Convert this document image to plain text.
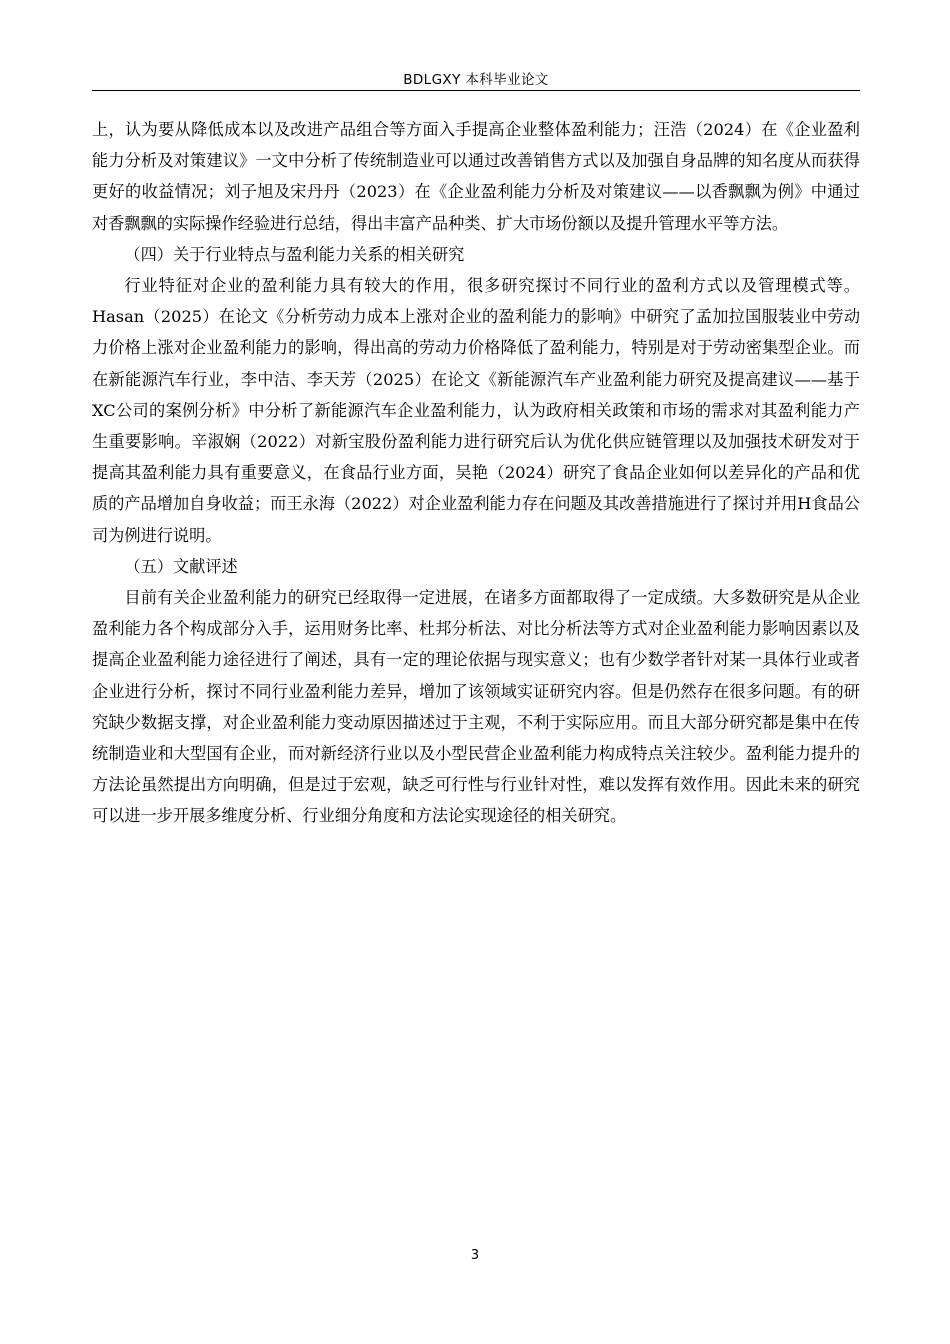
BDLGXY 本科毕业论文

上，认为要从降低成本以及改进产品组合等方面入手提高企业整体盈利能力；汪浩（2024）在《企业盈利能力分析及对策建议》一文中分析了传统制造业可以通过改善销售方式以及加强自身品牌的知名度从而获得更好的收益情况；刘子旭及宋丹丹（2023）在《企业盈利能力分析及对策建议——以香飘飘为例》中通过对香飘飘的实际操作经验进行总结，得出丰富产品种类、扩大市场份额以及提升管理水平等方法。

（四）关于行业特点与盈利能力关系的相关研究

行业特征对企业的盈利能力具有较大的作用，很多研究探讨不同行业的盈利方式以及管理模式等。Hasan（2025）在论文《分析劳动力成本上涨对企业的盈利能力的影响》中研究了孟加拉国服装业中劳动力价格上涨对企业盈利能力的影响，得出高的劳动力价格降低了盈利能力，特别是对于劳动密集型企业。而在新能源汽车行业，李中洁、李天芳（2025）在论文《新能源汽车产业盈利能力研究及提高建议——基于XC公司的案例分析》中分析了新能源汽车企业盈利能力，认为政府相关政策和市场的需求对其盈利能力产生重要影响。辛淑娴（2022）对新宝股份盈利能力进行研究后认为优化供应链管理以及加强技术研发对于提高其盈利能力具有重要意义，在食品行业方面，吴艳（2024）研究了食品企业如何以差异化的产品和优质的产品增加自身收益；而王永海（2022）对企业盈利能力存在问题及其改善措施进行了探讨并用H食品公司为例进行说明。

（五）文献评述

目前有关企业盈利能力的研究已经取得一定进展，在诸多方面都取得了一定成绩。大多数研究是从企业盈利能力各个构成部分入手，运用财务比率、杜邦分析法、对比分析法等方式对企业盈利能力影响因素以及提高企业盈利能力途径进行了阐述，具有一定的理论依据与现实意义；也有少数学者针对某一具体行业或者企业进行分析，探讨不同行业盈利能力差异，增加了该领域实证研究内容。但是仍然存在很多问题。有的研究缺少数据支撑，对企业盈利能力变动原因描述过于主观，不利于实际应用。而且大部分研究都是集中在传统制造业和大型国有企业，而对新经济行业以及小型民营企业盈利能力构成特点关注较少。盈利能力提升的方法论虽然提出方向明确，但是过于宏观，缺乏可行性与行业针对性，难以发挥有效作用。因此未来的研究可以进一步开展多维度分析、行业细分角度和方法论实现途径的相关研究。

3
